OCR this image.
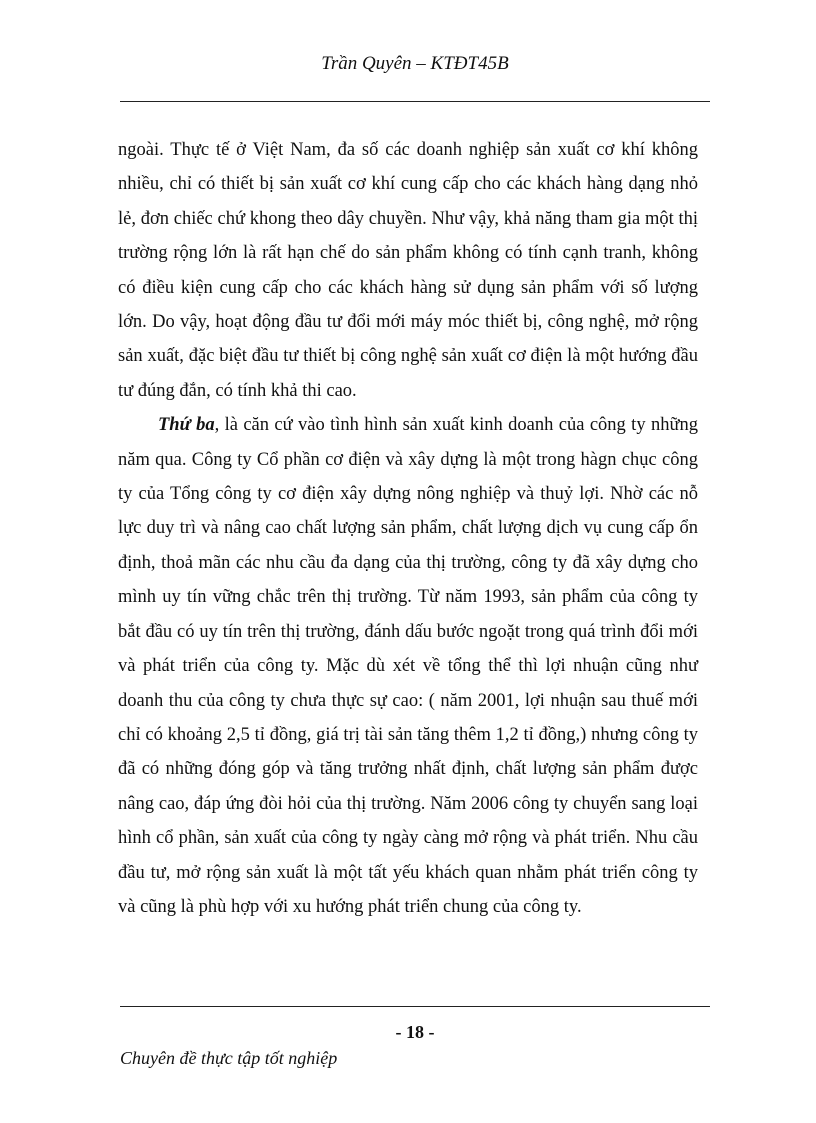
Trần Quyên – KTĐT45B

ngoài. Thực tế ở Việt Nam, đa số các doanh nghiệp sản xuất cơ khí không nhiều, chỉ có thiết bị sản xuất cơ khí cung cấp cho các khách hàng dạng nhỏ lẻ, đơn chiếc chứ khong theo dây chuyền. Như vậy, khả năng tham gia một thị trường rộng lớn là rất hạn chế do sản phẩm không có tính cạnh tranh, không có điều kiện cung cấp cho các khách hàng sử dụng sản phẩm với số lượng lớn. Do vậy, hoạt động đầu tư đổi mới máy móc thiết bị, công nghệ, mở rộng sản xuất, đặc biệt đầu tư thiết bị công nghệ sản xuất cơ điện là một hướng đầu tư đúng đắn, có tính khả thi cao.

Thứ ba, là căn cứ vào tình hình sản xuất kinh doanh của công ty những năm qua. Công ty Cổ phần cơ điện và xây dựng là một trong hàgn chục công ty của Tổng công ty cơ điện xây dựng nông nghiệp và thuỷ lợi. Nhờ các nỗ lực duy trì và nâng cao chất lượng sản phẩm, chất lượng dịch vụ cung cấp ổn định, thoả mãn các nhu cầu đa dạng của thị trường, công ty đã xây dựng cho mình uy tín vững chắc trên thị trường. Từ năm 1993, sản phẩm của công ty bắt đầu có uy tín trên thị trường, đánh dấu bước ngoặt trong quá trình đổi mới và phát triển của công ty. Mặc dù xét về tổng thể thì lợi nhuận cũng như doanh thu của công ty chưa thực sự cao: ( năm 2001, lợi nhuận sau thuế mới chỉ có khoảng 2,5 tỉ đồng, giá trị tài sản tăng thêm 1,2 tỉ đồng,) nhưng công ty đã có những đóng góp và tăng trưởng nhất định, chất lượng sản phẩm được nâng cao, đáp ứng đòi hỏi của thị trường. Năm 2006 công ty chuyển sang loại hình cổ phần, sản xuất của công ty ngày càng mở rộng và phát triển. Nhu cầu đầu tư, mở rộng sản xuất là một tất yếu khách quan nhằm phát triển công ty và cũng là phù hợp với xu hướng phát triển chung của công ty.

- 18 -
Chuyên đề thực tập tốt nghiệp
